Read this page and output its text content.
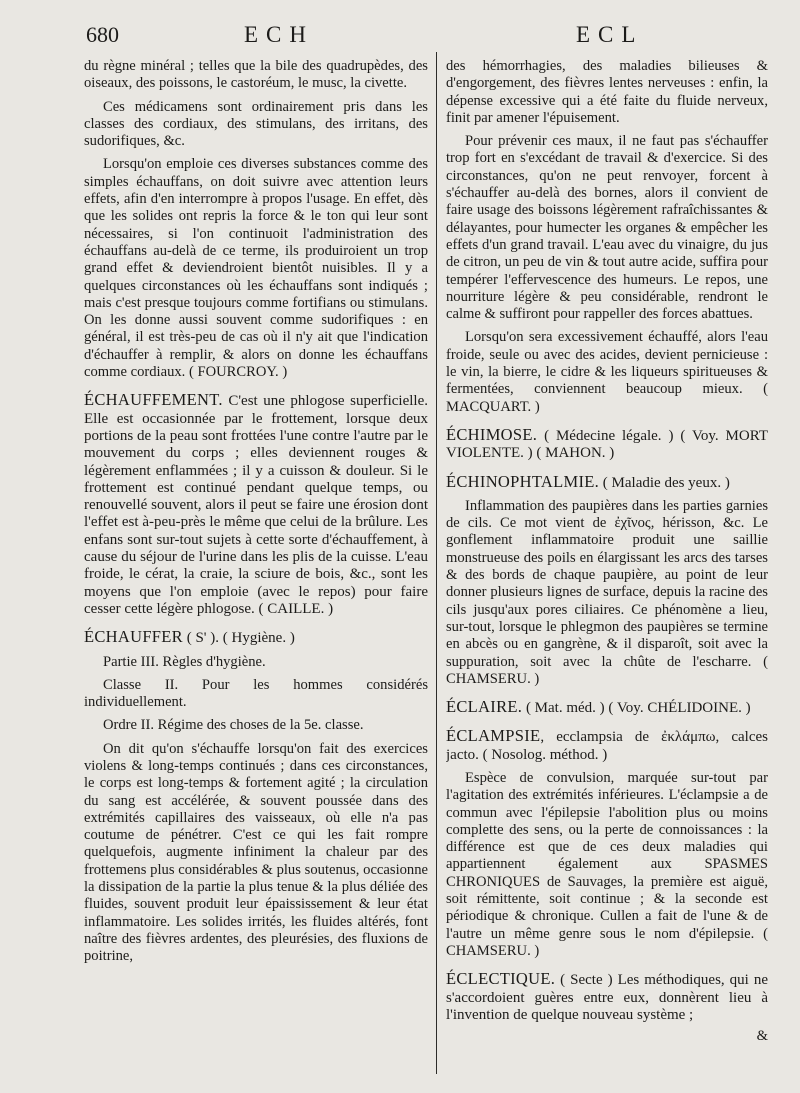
680	ECH	ECL

du règne minéral ; telles que la bile des quadrupèdes, des oiseaux, des poissons, le castoréum, le musc, la civette.

Ces médicamens sont ordinairement pris dans les classes des cordiaux, des stimulans, des irritans, des sudorifiques, &c.

Lorsqu'on emploie ces diverses substances comme des simples échauffans, on doit suivre avec attention leurs effets, afin d'en interrompre à propos l'usage. En effet, dès que les solides ont repris la force & le ton qui leur sont nécessaires, si l'on continuoit l'administration des échauffans au-delà de ce terme, ils produiroient un trop grand effet & deviendroient bientôt nuisibles. Il y a quelques circonstances où les échauffans sont indiqués ; mais c'est presque toujours comme fortifians ou stimulans. On les donne aussi souvent comme sudorifiques : en général, il est très-peu de cas où il n'y ait que l'indication d'échauffer à remplir, & alors on donne les échauffans comme cordiaux. ( FOURCROY. )

ÉCHAUFFEMENT. C'est une phlogose superficielle. Elle est occasionnée par le frottement, lorsque deux portions de la peau sont frottées l'une contre l'autre par le mouvement du corps ; elles deviennent rouges & légèrement enflammées ; il y a cuisson & douleur. Si le frottement est continué pendant quelque temps, ou renouvellé souvent, alors il peut se faire une érosion dont l'effet est à-peu-près le même que celui de la brûlure. Les enfans sont sur-tout sujets à cette sorte d'échauffement, à cause du séjour de l'urine dans les plis de la cuisse. L'eau froide, le cérat, la craie, la sciure de bois, &c., sont les moyens que l'on emploie (avec le repos) pour faire cesser cette légère phlogose. ( CAILLE. )

ÉCHAUFFER ( S' ). ( Hygiène. )

Partie III. Règles d'hygiène.

Classe II. Pour les hommes considérés individuellement.

Ordre II. Régime des choses de la 5e. classe.

On dit qu'on s'échauffe lorsqu'on fait des exercices violens & long-temps continués ; dans ces circonstances, le corps est long-temps & fortement agité ; la circulation du sang est accélérée, & souvent poussée dans des extrémités capillaires des vaisseaux, où elle n'a pas coutume de pénétrer. C'est ce qui les fait rompre quelquefois, augmente infiniment la chaleur par des frottemens plus considérables & plus soutenus, occasionne la dissipation de la partie la plus tenue & la plus déliée des fluides, souvent produit leur épaississement & leur état inflammatoire. Les solides irrités, les fluides altérés, font naître des fièvres ardentes, des pleurésies, des fluxions de poitrine,

des hémorrhagies, des maladies bilieuses & d'engorgement, des fièvres lentes nerveuses : enfin, la dépense excessive qui a été faite du fluide nerveux, finit par amener l'épuisement.

Pour prévenir ces maux, il ne faut pas s'échauffer trop fort en s'excédant de travail & d'exercice. Si des circonstances, qu'on ne peut renvoyer, forcent à s'échauffer au-delà des bornes, alors il convient de faire usage des boissons légèrement rafraîchissantes & délayantes, pour humecter les organes & empêcher les effets d'un grand travail. L'eau avec du vinaigre, du jus de citron, un peu de vin & tout autre acide, suffira pour tempérer l'effervescence des humeurs. Le repos, une nourriture légère & peu considérable, rendront le calme & suffiront pour rappeller des forces abattues.

Lorsqu'on sera excessivement échauffé, alors l'eau froide, seule ou avec des acides, devient pernicieuse : le vin, la bierre, le cidre & les liqueurs spiritueuses & fermentées, conviennent beaucoup mieux. ( MACQUART. )

ÉCHIMOSE. ( Médecine légale. ) ( Voy. MORT VIOLENTE. ) ( MAHON. )

ÉCHINOPHTALMIE. ( Maladie des yeux. )

Inflammation des paupières dans les parties garnies de cils. Ce mot vient de ἐχῖνος, hérisson, &c. Le gonflement inflammatoire produit une saillie monstrueuse des poils en élargissant les arcs des tarses & des bords de chaque paupière, au point de leur donner plusieurs lignes de surface, depuis la racine des cils jusqu'aux pores ciliaires. Ce phénomène a lieu, sur-tout, lorsque le phlegmon des paupières se termine en abcès ou en gangrène, & il disparoît, soit avec la suppuration, soit avec la chûte de l'escharre. ( CHAMSERU. )

ÉCLAIRE. ( Mat. méd. ) ( Voy. CHÉLIDOINE. )

ÉCLAMPSIE, ecclampsia de ἐκλάμπω, calces jacto. ( Nosolog. méthod. )

Espèce de convulsion, marquée sur-tout par l'agitation des extrémités inférieures. L'éclampsie a de commun avec l'épilepsie l'abolition plus ou moins complette des sens, ou la perte de connoissances : la différence est que de ces deux maladies qui appartiennent également aux SPASMES CHRONIQUES de Sauvages, la première est aiguë, soit rémittente, soit continue ; & la seconde est périodique & chronique. Cullen a fait de l'une & de l'autre un même genre sous le nom d'épilepsie. ( CHAMSERU. )

ÉCLECTIQUE. ( Secte ) Les méthodiques, qui ne s'accordoient guères entre eux, donnèrent lieu à l'invention de quelque nouveau système ;

&
